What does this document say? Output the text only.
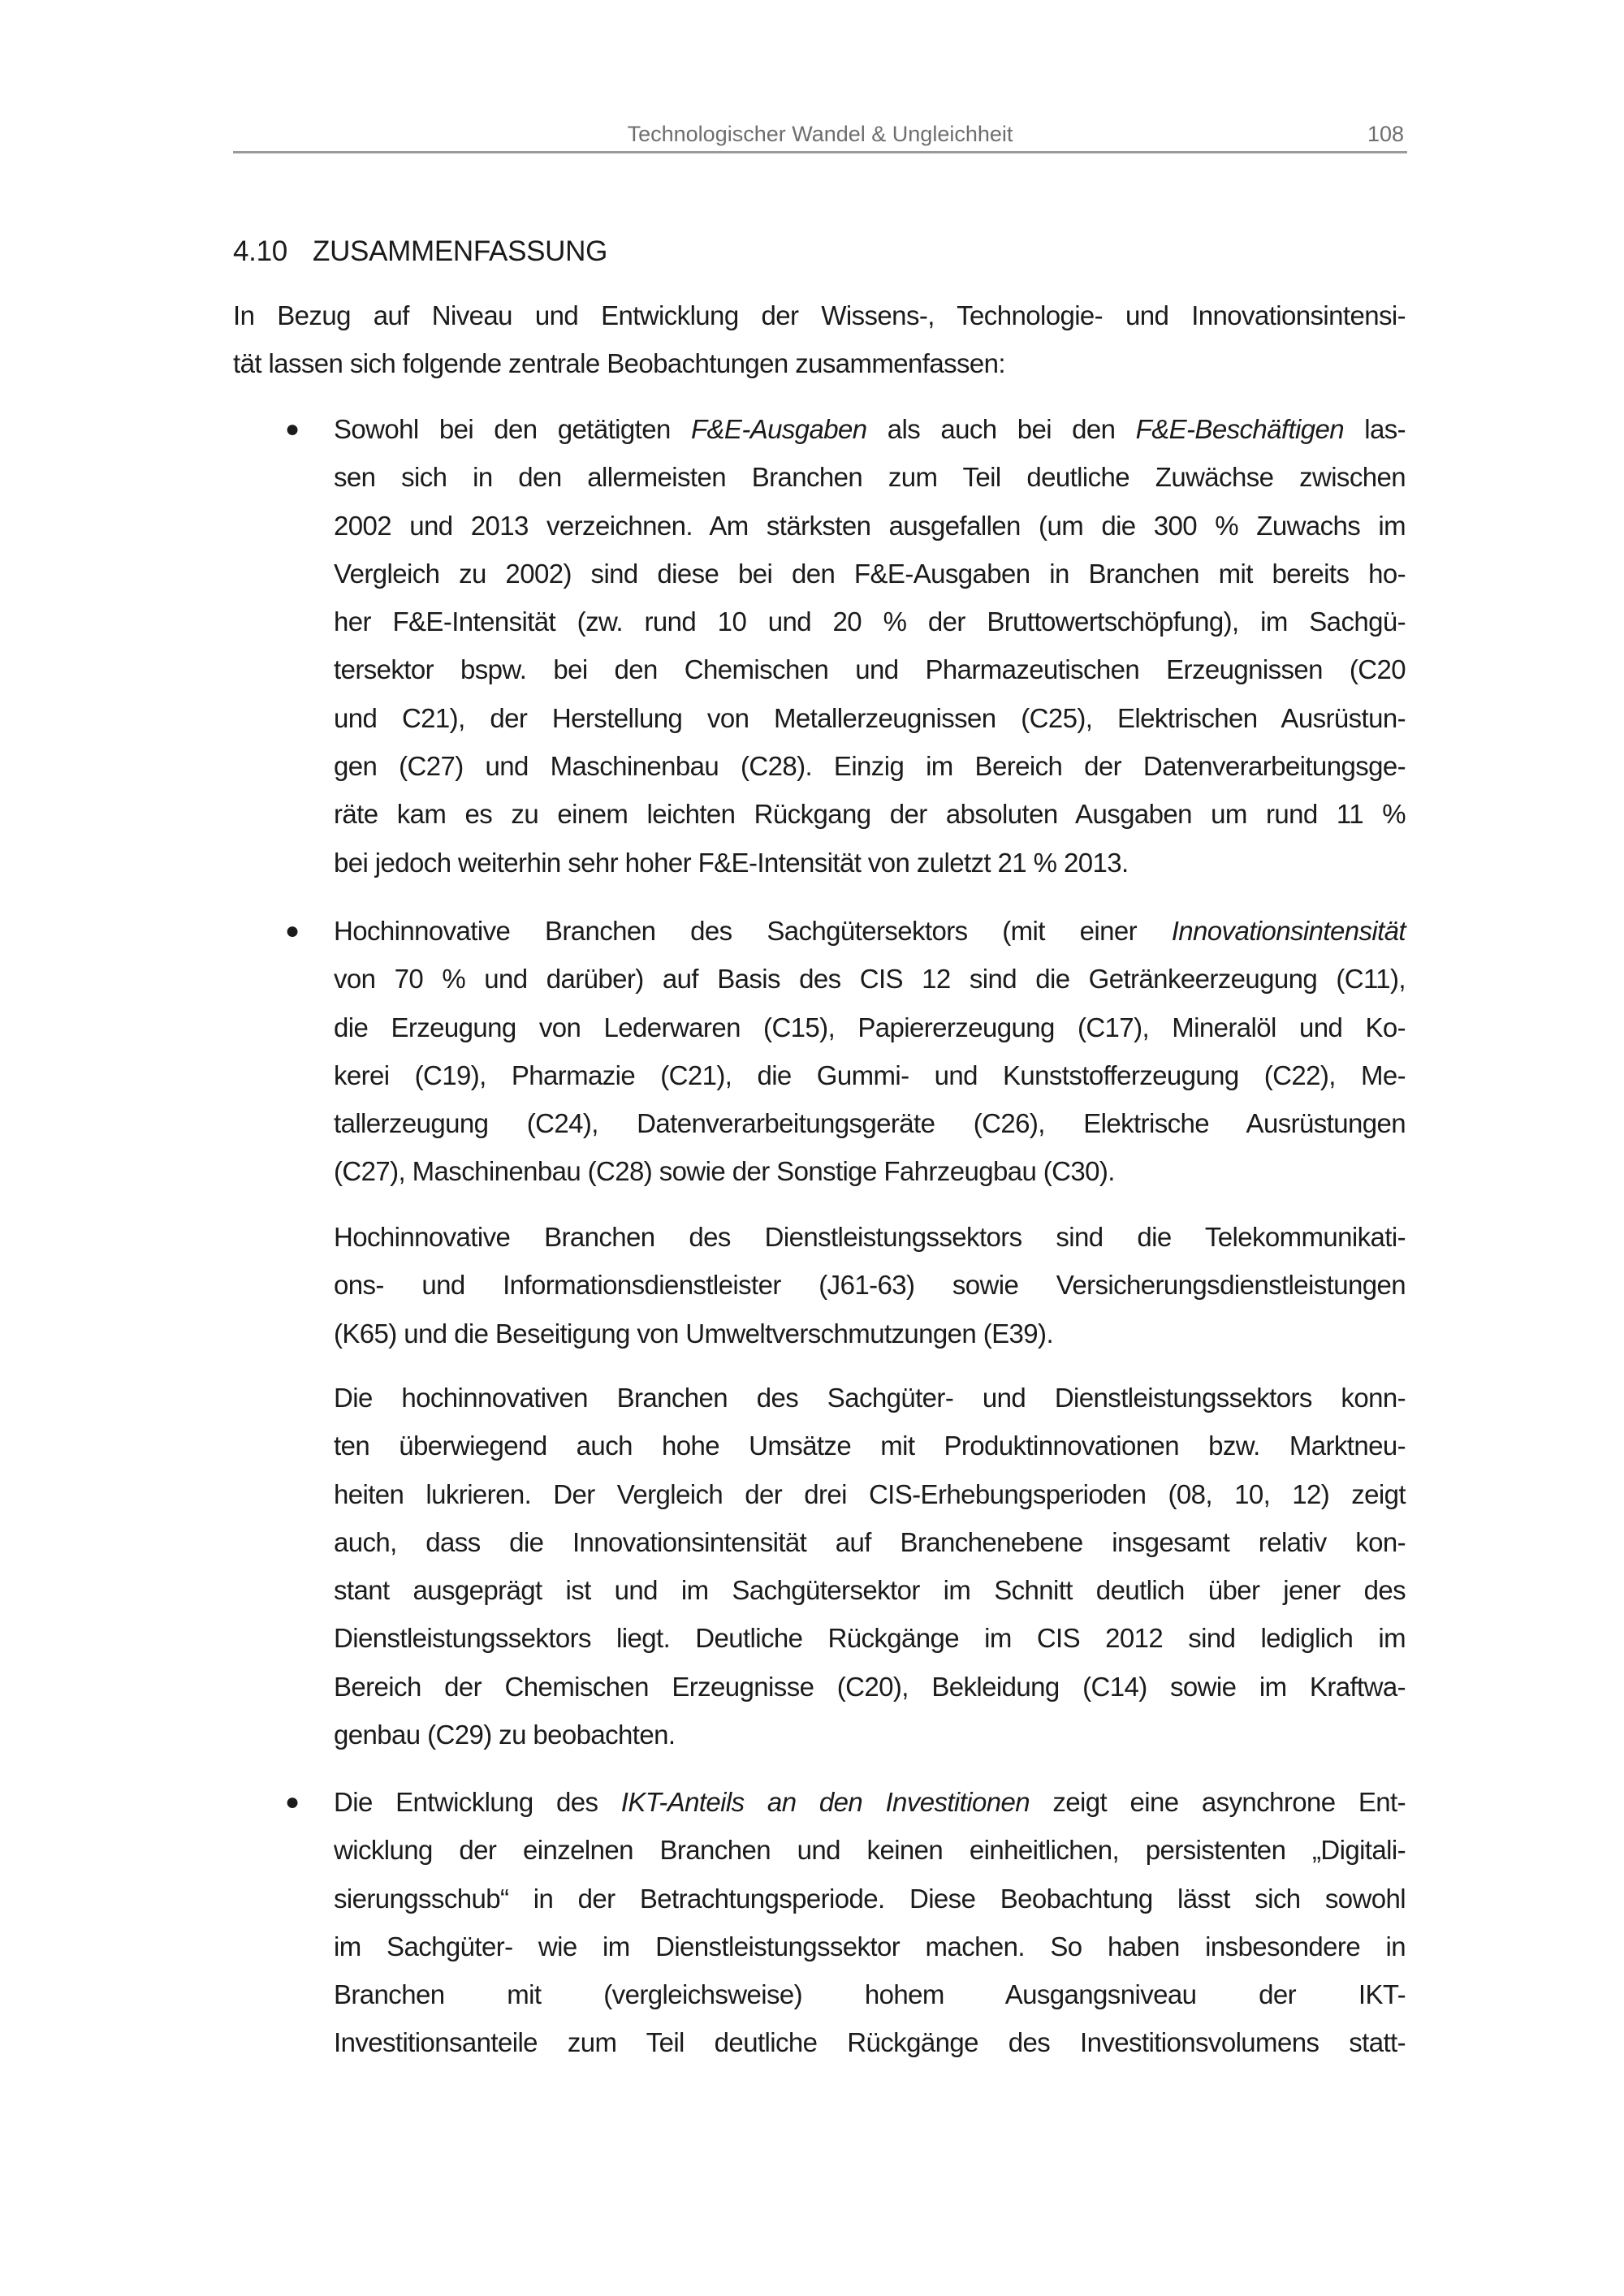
Technologischer Wandel & Ungleichheit	108
4.10 ZUSAMMENFASSUNG
In Bezug auf Niveau und Entwicklung der Wissens-, Technologie- und Innovationsintensi-
tät lassen sich folgende zentrale Beobachtungen zusammenfassen:
● Sowohl bei den getätigten F&E-Ausgaben als auch bei den F&E-Beschäftigen las-
sen sich in den allermeisten Branchen zum Teil deutliche Zuwächse zwischen
2002 und 2013 verzeichnen. Am stärksten ausgefallen (um die 300 % Zuwachs im
Vergleich zu 2002) sind diese bei den F&E-Ausgaben in Branchen mit bereits ho-
her F&E-Intensität (zw. rund 10 und 20 % der Bruttowertschöpfung), im Sachgü-
tersektor bspw. bei den Chemischen und Pharmazeutischen Erzeugnissen (C20
und C21), der Herstellung von Metallerzeugnissen (C25), Elektrischen Ausrüstun-
gen (C27) und Maschinenbau (C28). Einzig im Bereich der Datenverarbeitungsge-
räte kam es zu einem leichten Rückgang der absoluten Ausgaben um rund 11 %
bei jedoch weiterhin sehr hoher F&E-Intensität von zuletzt 21 % 2013.
● Hochinnovative Branchen des Sachgütersektors (mit einer Innovationsintensität
von 70 % und darüber) auf Basis des CIS 12 sind die Getränkeerzeugung (C11),
die Erzeugung von Lederwaren (C15), Papiererzeugung (C17), Mineralöl und Ko-
kerei (C19), Pharmazie (C21), die Gummi- und Kunststofferzeugung (C22), Me-
tallerzeugung (C24), Datenverarbeitungsgeräte (C26), Elektrische Ausrüstungen
(C27), Maschinenbau (C28) sowie der Sonstige Fahrzeugbau (C30).
Hochinnovative Branchen des Dienstleistungssektors sind die Telekommunikati-
ons- und Informationsdienstleister (J61-63) sowie Versicherungsdienstleistungen
(K65) und die Beseitigung von Umweltverschmutzungen (E39).
Die hochinnovativen Branchen des Sachgüter- und Dienstleistungssektors konn-
ten überwiegend auch hohe Umsätze mit Produktinnovationen bzw. Marktneu-
heiten lukrieren. Der Vergleich der drei CIS-Erhebungsperioden (08, 10, 12) zeigt
auch, dass die Innovationsintensität auf Branchenebene insgesamt relativ kon-
stant ausgeprägt ist und im Sachgütersektor im Schnitt deutlich über jener des
Dienstleistungssektors liegt. Deutliche Rückgänge im CIS 2012 sind lediglich im
Bereich der Chemischen Erzeugnisse (C20), Bekleidung (C14) sowie im Kraftwa-
genbau (C29) zu beobachten.
● Die Entwicklung des IKT-Anteils an den Investitionen zeigt eine asynchrone Ent-
wicklung der einzelnen Branchen und keinen einheitlichen, persistenten „Digitali-
sierungsschub“ in der Betrachtungsperiode. Diese Beobachtung lässt sich sowohl
im Sachgüter- wie im Dienstleistungssektor machen. So haben insbesondere in
Branchen mit (vergleichsweise) hohem Ausgangsniveau der IKT-
Investitionsanteile zum Teil deutliche Rückgänge des Investitionsvolumens statt-
